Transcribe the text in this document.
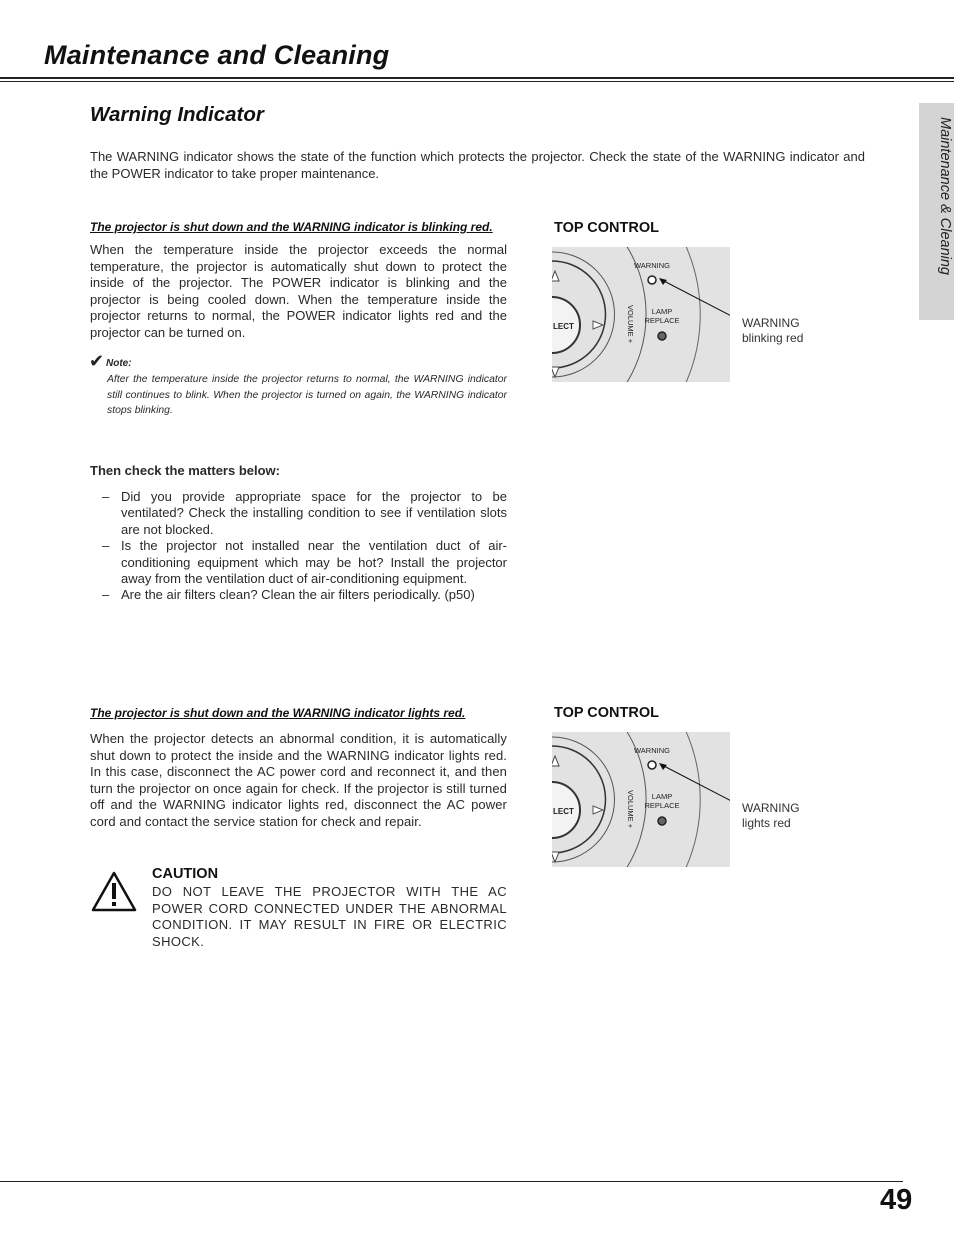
Maintenance and Cleaning
Maintenance & Cleaning
Warning Indicator
The WARNING indicator shows the state of the function which protects the projector. Check the state of the WARNING indicator and the POWER indicator to take proper maintenance.
The projector is shut down and the WARNING indicator is blinking red.
When the temperature inside the projector exceeds the normal temperature, the projector is automatically shut down to protect the inside of the projector. The POWER indicator is blinking and the projector is being cooled down. When the temperature inside the projector returns to normal, the POWER indicator lights red and the projector can be turned on.
✔ Note:
After the temperature inside the projector returns to normal, the WARNING indicator still continues to blink. When the projector is turned on again, the WARNING indicator stops blinking.
Then check the matters below:
– Did you provide appropriate space for the projector to be ventilated? Check the installing condition to see if ventilation slots are not blocked.
– Is the projector not installed near the ventilation duct of air-conditioning equipment which may be hot? Install the projector away from the ventilation duct of air-conditioning equipment.
– Are the air filters clean? Clean the air filters periodically. (p50)
TOP CONTROL
WARNING
LAMP
REPLACE
LECT	VOLUME +	WARNING
blinking red
The projector is shut down and the WARNING indicator lights red.
When the projector detects an abnormal condition, it is automatically shut down to protect the inside and the WARNING indicator lights red. In this case, disconnect the AC power cord and reconnect it, and then turn the projector on once again for check. If the projector is still turned off and the WARNING indicator lights red, disconnect the AC power cord and contact the service station for check and repair.
TOP CONTROL
WARNING
LAMP
REPLACE
LECT	VOLUME +	WARNING
lights red
CAUTION
DO NOT LEAVE THE PROJECTOR WITH THE AC POWER CORD CONNECTED UNDER THE ABNORMAL CONDITION. IT MAY RESULT IN FIRE OR ELECTRIC SHOCK.
49
